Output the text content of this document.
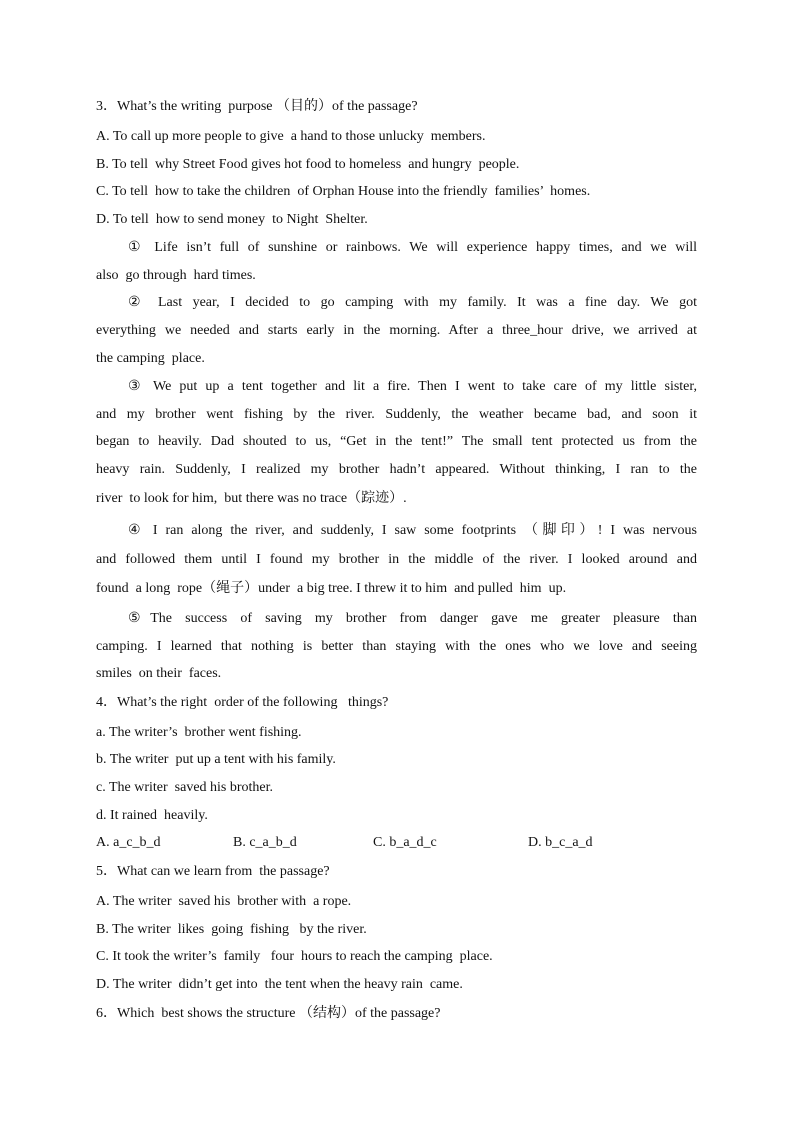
3．What’s the writing  purpose （目的）of the passage?
A. To call up more people to give  a hand to those unlucky  members.
B. To tell  why Street Food gives hot food to homeless  and hungry  people.
C. To tell  how to take the children  of Orphan House into the friendly  families’  homes.
D. To tell  how to send money  to Night  Shelter.
① Life isn’t full of sunshine or rainbows. We will experience happy times, and we will
also  go through  hard times.
② Last year, I decided to go camping with my family. It was a fine day. We got
everything we needed and starts early in the morning. After a three_hour drive, we arrived at
the camping  place.
③ We put up a tent together and lit a fire. Then I went to take care of my little sister,
and my brother went fishing by the river. Suddenly, the weather became bad, and soon it
began to heavily. Dad shouted to us, “Get in the tent!” The small tent protected us from the
heavy rain. Suddenly, I realized my brother hadn’t appeared. Without thinking, I ran to the
river  to look for him,  but there was no trace（踪迹）.
④ I ran along the river, and suddenly, I saw some footprints （脚印）! I was nervous
and followed them until I found my brother in the middle of the river. I looked around and
found  a long  rope（绳子）under  a big tree. I threw it to him  and pulled  him  up.
⑤The success of saving my brother from danger gave me greater pleasure than
camping. I learned that nothing is better than staying with the ones who we love and seeing
smiles  on their  faces.
4．What’s the right  order of the following   things?
a. The writer’s  brother went fishing.
b. The writer  put up a tent with his family.
c. The writer  saved his brother.
d. It rained  heavily.
A. a_c_b_d	B. c_a_b_d	C. b_a_d_c	D. b_c_a_d
5．What can we learn from  the passage?
A. The writer  saved his  brother with  a rope.
B. The writer  likes  going  fishing   by the river.
C. It took the writer’s  family   four  hours to reach the camping  place.
D. The writer  didn’t get into  the tent when the heavy rain  came.
6．Which  best shows the structure （结构）of the passage?
